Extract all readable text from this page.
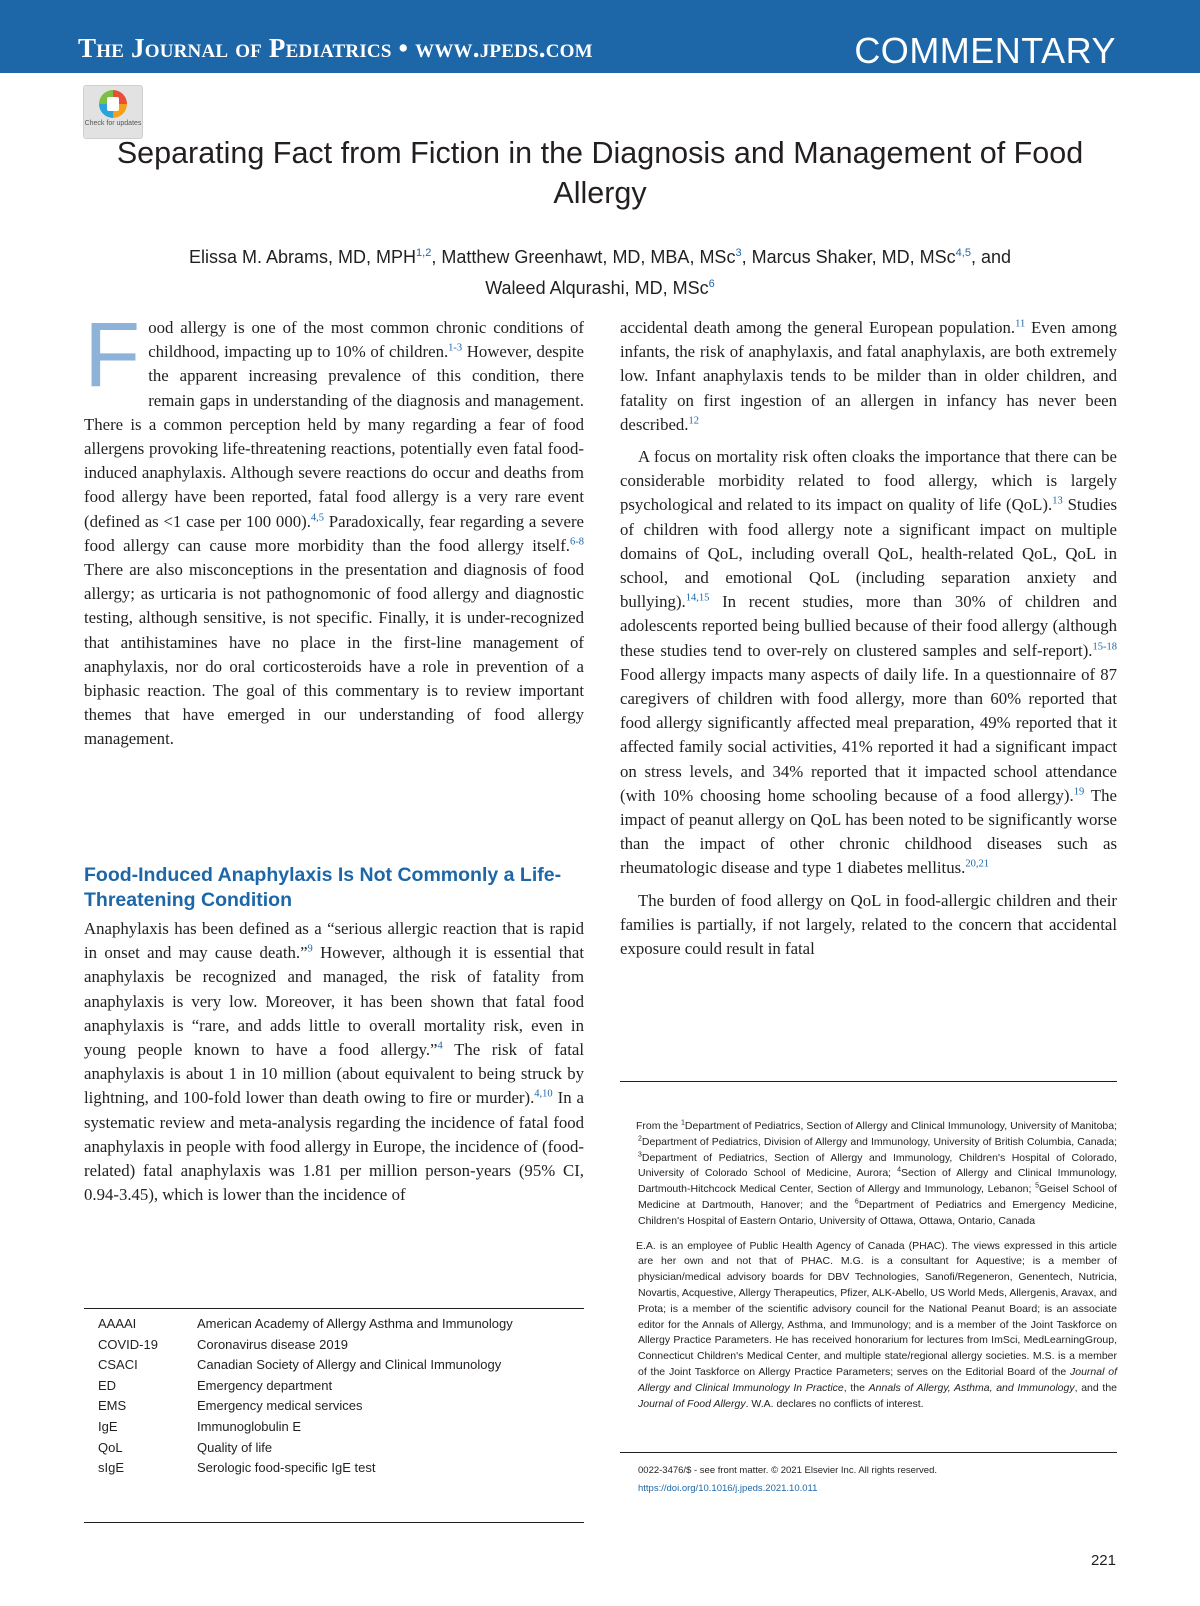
The Journal of Pediatrics • www.jpeds.com	COMMENTARY
Check for updates
Separating Fact from Fiction in the Diagnosis and Management of Food Allergy
Elissa M. Abrams, MD, MPH$^{1,2}$, Matthew Greenhawt, MD, MBA, MSc$^3$, Marcus Shaker, MD, MSc$^{4,5}$, and
Waleed Alqurashi, MD, MSc$^6$

Food allergy is one of the most common chronic conditions of childhood, impacting up to 10% of children.$^{1-3}$ However, despite the apparent increasing prevalence of this condition, there remain gaps in understanding of the diagnosis and management. There is a common perception held by many regarding a fear of food allergens provoking life-threatening reactions, potentially even fatal food-induced anaphylaxis. Although severe reactions do occur and deaths from food allergy have been reported, fatal food allergy is a very rare event (defined as <1 case per 100 000).$^{4,5}$ Paradoxically, fear regarding a severe food allergy can cause more morbidity than the food allergy itself.$^{6-8}$ There are also misconceptions in the presentation and diagnosis of food allergy; as urticaria is not pathognomonic of food allergy and diagnostic testing, although sensitive, is not specific. Finally, it is under-recognized that antihistamines have no place in the first-line management of anaphylaxis, nor do oral corticosteroids have a role in prevention of a biphasic reaction. The goal of this commentary is to review important themes that have emerged in our understanding of food allergy management.

Food-Induced Anaphylaxis Is Not Commonly a Life-Threatening Condition

Anaphylaxis has been defined as a “serious allergic reaction that is rapid in onset and may cause death.”$^9$ However, although it is essential that anaphylaxis be recognized and managed, the risk of fatality from anaphylaxis is very low. Moreover, it has been shown that fatal food anaphylaxis is “rare, and adds little to overall mortality risk, even in young people known to have a food allergy.”$^4$ The risk of fatal anaphylaxis is about 1 in 10 million (about equivalent to being struck by lightning, and 100-fold lower than death owing to fire or murder).$^{4,10}$ In a systematic review and meta-analysis regarding the incidence of fatal food anaphylaxis in people with food allergy in Europe, the incidence of (food-related) fatal anaphylaxis was 1.81 per million person-years (95% CI, 0.94-3.45), which is lower than the incidence of

accidental death among the general European population.$^{11}$ Even among infants, the risk of anaphylaxis, and fatal anaphylaxis, are both extremely low. Infant anaphylaxis tends to be milder than in older children, and fatality on first ingestion of an allergen in infancy has never been described.$^{12}$

A focus on mortality risk often cloaks the importance that there can be considerable morbidity related to food allergy, which is largely psychological and related to its impact on quality of life (QoL).$^{13}$ Studies of children with food allergy note a significant impact on multiple domains of QoL, including overall QoL, health-related QoL, QoL in school, and emotional QoL (including separation anxiety and bullying).$^{14,15}$ In recent studies, more than 30% of children and adolescents reported being bullied because of their food allergy (although these studies tend to over-rely on clustered samples and self-report).$^{15-18}$ Food allergy impacts many aspects of daily life. In a questionnaire of 87 caregivers of children with food allergy, more than 60% reported that food allergy significantly affected meal preparation, 49% reported that it affected family social activities, 41% reported it had a significant impact on stress levels, and 34% reported that it impacted school attendance (with 10% choosing home schooling because of a food allergy).$^{19}$ The impact of peanut allergy on QoL has been noted to be significantly worse than the impact of other chronic childhood diseases such as rheumatologic disease and type 1 diabetes mellitus.$^{20,21}$

The burden of food allergy on QoL in food-allergic children and their families is partially, if not largely, related to the concern that accidental exposure could result in fatal

AAAAI	American Academy of Allergy Asthma and Immunology
COVID-19	Coronavirus disease 2019
CSACI	Canadian Society of Allergy and Clinical Immunology
ED	Emergency department
EMS	Emergency medical services
IgE	Immunoglobulin E
QoL	Quality of life
sIgE	Serologic food-specific IgE test

From the $^1$Department of Pediatrics, Section of Allergy and Clinical Immunology, University of Manitoba; $^2$Department of Pediatrics, Division of Allergy and Immunology, University of British Columbia, Canada; $^3$Department of Pediatrics, Section of Allergy and Immunology, Children's Hospital of Colorado, University of Colorado School of Medicine, Aurora; $^4$Section of Allergy and Clinical Immunology, Dartmouth-Hitchcock Medical Center, Section of Allergy and Immunology, Lebanon; $^5$Geisel School of Medicine at Dartmouth, Hanover; and the $^6$Department of Pediatrics and Emergency Medicine, Children's Hospital of Eastern Ontario, University of Ottawa, Ottawa, Ontario, Canada

E.A. is an employee of Public Health Agency of Canada (PHAC). The views expressed in this article are her own and not that of PHAC. M.G. is a consultant for Aquestive; is a member of physician/medical advisory boards for DBV Technologies, Sanofi/Regeneron, Genentech, Nutricia, Novartis, Acquestive, Allergy Therapeutics, Pfizer, ALK-Abello, US World Meds, Allergenis, Aravax, and Prota; is a member of the scientific advisory council for the National Peanut Board; is an associate editor for the Annals of Allergy, Asthma, and Immunology; and is a member of the Joint Taskforce on Allergy Practice Parameters. He has received honorarium for lectures from ImSci, MedLearningGroup, Connecticut Children's Medical Center, and multiple state/regional allergy societies. M.S. is a member of the Joint Taskforce on Allergy Practice Parameters; serves on the Editorial Board of the Journal of Allergy and Clinical Immunology In Practice, the Annals of Allergy, Asthma, and Immunology, and the Journal of Food Allergy. W.A. declares no conflicts of interest.

0022-3476/$ - see front matter. © 2021 Elsevier Inc. All rights reserved.
https://doi.org/10.1016/j.jpeds.2021.10.011
221
